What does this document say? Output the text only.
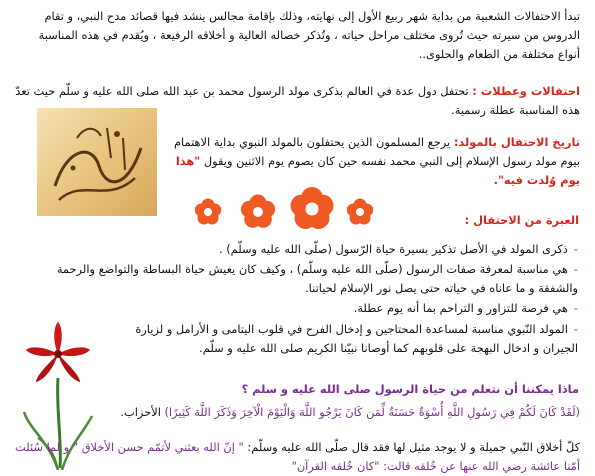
تبدأ الاحتفالات الشعبية من بداية شهر ربيع الأول إلى نهايته، وذلك بإقامة مجالس ينشد فيها قصائد مدح النبي، و تقام الدروس من سيرته حيث تُروى مختلف مراحل حياته ، وتُذكر خصاله العالية و أخلاقه الرفيعة ، ويُقدم في هذه المناسبة أنواع مختلفة من الطعام والحلوى..

احتفالات وعطلات : تحتفل دول عدة في العالم بذكرى مولد الرسول محمد بن عبد الله صلى الله عليه و سلّم حيث تعدّ هذه المناسبة عطلة رسمية.

تاريخ الاحتفال بالمولد: يرجع المسلمون الذين يحتفلون بالمولد النبوي بداية الاهتمام بيوم مولد رسول الإسلام إلى النبي محمد نفسه حين كان يصوم يوم الاثنين ويقول "هذا يوم وُلدت فيه".

العبرة من الاحتفال :

-ذكرى المولد في الأصل تذكير بسيرة حياة الرّسول (صلّى الله عليه وسلّم) .
-هي مناسبة لمعرفة صفات الرسول (صلّى الله عليه وسلّم) ، وكيف كان يعيش حياة البساطة والتواضع والرحمة والشفقة و ما عاناه في حياته حتى يصل نور الإسلام لحياتنا.
-هي فرصة للتزاور و التراحم بما أنه يوم عطلة.
-المولد النّبوي مناسبة لمساعدة المحتاجين و إدخال الفرح في قلوب اليتامى و الأرامل و لزيارة الجيران و ادخال البهجة على قلوبهم كما أوصانا نبيّنا الكريم صلى الله عليه و سلّم.

ماذا يمكننا أن نتعلم من حياة الرسول صلى الله عليه و سلم ؟

(لَقَدْ كَانَ لَكُمْ فِي رَسُولِ اللَّهِ أُسْوَةٌ حَسَنَةٌ لِّمَن كَانَ يَرْجُو اللَّهَ وَالْيَوْمَ الْآخِرَ وَذَكَرَ اللَّهَ كَثِيرًا) الأحزاب.

كلّ أخلاق النّبي جميلة و لا يوجد مثيل لها فقد قال صلّى الله عليه وسلّم: " إنّ الله بعثني لأتمّم حسن الأخلاق " و لما سُئلت أمّنا عائشة رضي الله عنها عن خُلقه قالت: "كان خُلقه القرآن"
